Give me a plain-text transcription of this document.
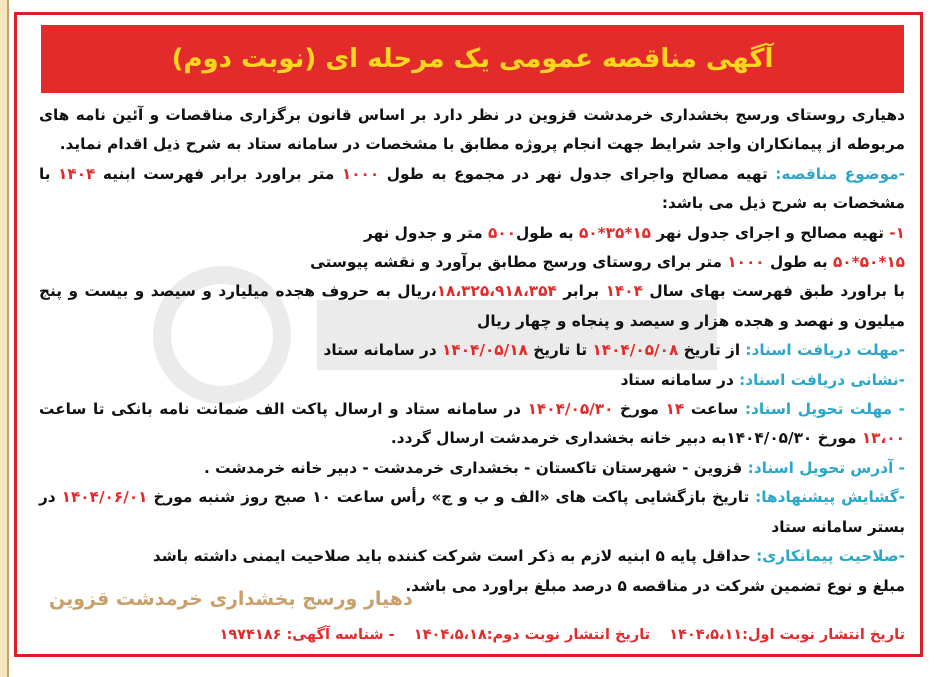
آگهی مناقصه عمومی یک مرحله ای (نوبت دوم)

دهیاری روستای ورسج بخشداری خرمدشت قزوین در نظر دارد بر اساس قانون برگزاری مناقصات و آئین نامه های مربوطه از پیمانکاران واجد شرایط جهت انجام پروژه مطابق با مشخصات در سامانه ستاد به شرح ذیل اقدام نماید.

-موضوع مناقصه: تهیه مصالح واجرای جدول نهر در مجموع به طول ۱۰۰۰ متر براورد برابر فهرست ابنیه ۱۴۰۴ با مشخصات به شرح ذیل می باشد:

۱- تهیه مصالح و اجرای جدول نهر ۱۵*۳۵*۵۰ به طول۵۰۰ متر و جدول نهر

۱۵*۵۰*۵۰ به طول ۱۰۰۰ متر برای روستای ورسج مطابق برآورد و نقشه پیوستی

با براورد طبق فهرست بهای سال ۱۴۰۴ برابر ۱۸،۳۲۵،۹۱۸،۳۵۴،ریال به حروف هجده میلیارد و سیصد و بیست و پنج میلیون و نهصد و هجده هزار و سیصد و پنجاه و چهار ریال

-مهلت دریافت اسناد: از تاریخ ۱۴۰۴/۰۵/۰۸ تا تاریخ ۱۴۰۴/۰۵/۱۸ در سامانه ستاد

-نشانی دریافت اسناد: در سامانه ستاد

- مهلت تحویل اسناد: ساعت ۱۴ مورخ ۱۴۰۴/۰۵/۳۰ در سامانه ستاد و ارسال پاکت الف ضمانت نامه بانکی تا ساعت ۱۳،۰۰ مورخ ۱۴۰۴/۰۵/۳۰به دبیر خانه بخشداری خرمدشت ارسال گردد.

- آدرس تحویل اسناد: قزوین - شهرستان تاکستان - بخشداری خرمدشت - دبیر خانه خرمدشت .

-گشایش پیشنهادها: تاریخ بازگشایی پاکت های «الف و ب و ج» رأس ساعت ۱۰ صبح روز شنبه مورخ ۱۴۰۴/۰۶/۰۱ در بستر سامانه ستاد

-صلاحیت پیمانکاری: حداقل پایه ۵ ابنیه لازم به ذکر است شرکت کننده باید صلاحیت ایمنی داشته باشد

مبلغ و نوع تضمین شرکت در مناقصه ۵ درصد مبلغ براورد می باشد.

دهیار ورسج بخشداری خرمدشت قزوین
تاریخ انتشار نوبت اول:۱۴۰۴،۵،۱۱ تاریخ انتشار نوبت دوم:۱۴۰۴،۵،۱۸ - شناسه آگهی: ۱۹۷۴۱۸۶
